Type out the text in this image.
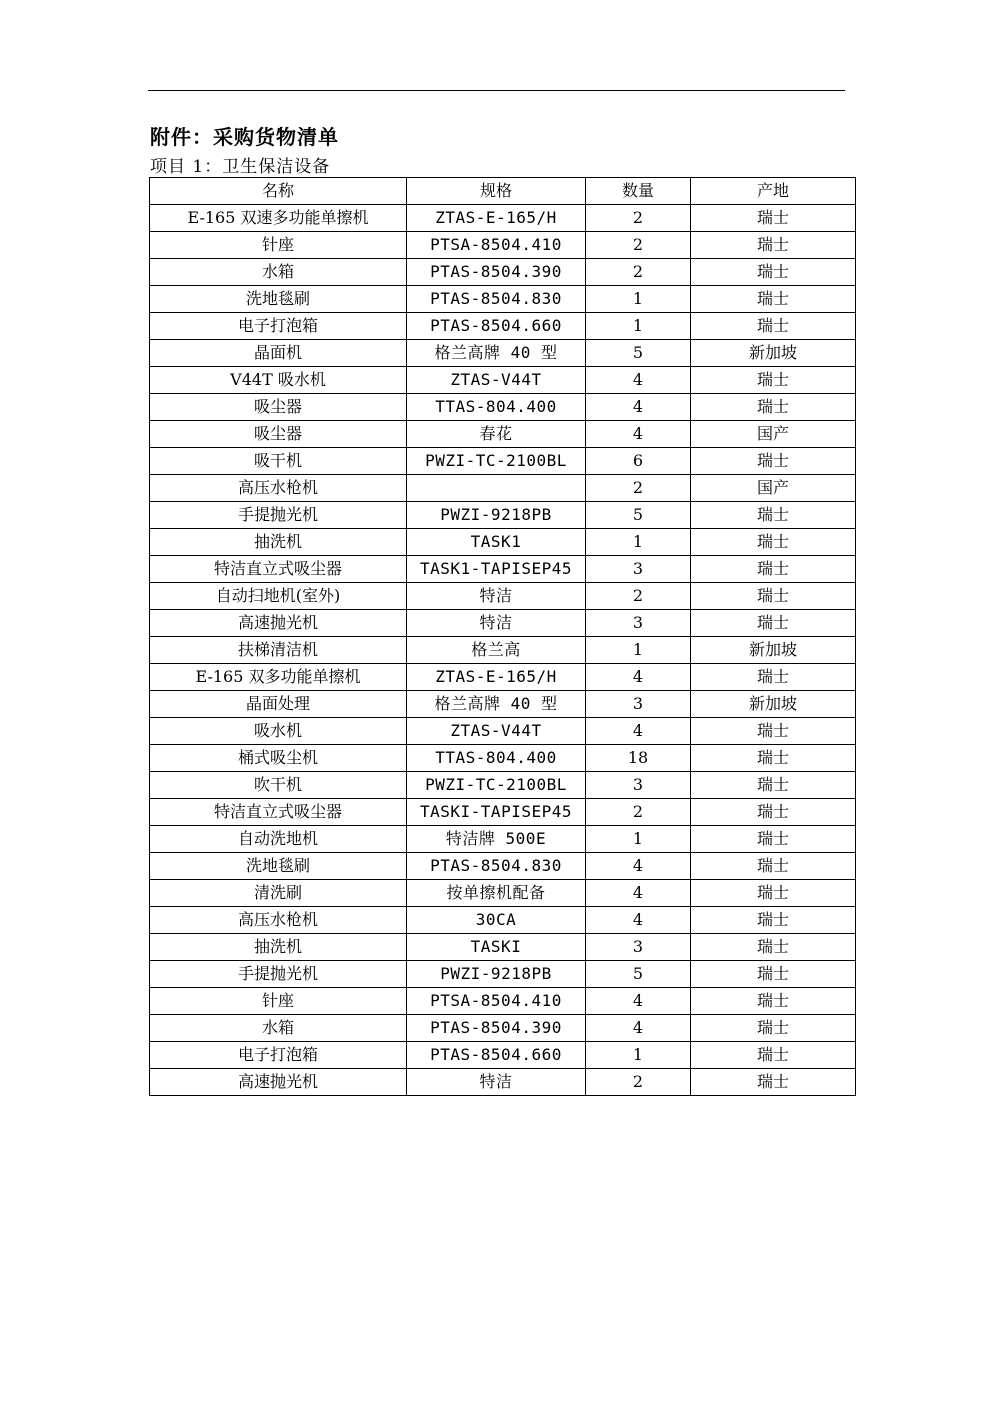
附件：采购货物清单
项目 1：卫生保洁设备
名称	规格	数量	产地
E-165 双速多功能单擦机	ZTAS-E-165/H	2	瑞士
针座	PTSA-8504.410	2	瑞士
水箱	PTAS-8504.390	2	瑞士
洗地毯刷	PTAS-8504.830	1	瑞士
电子打泡箱	PTAS-8504.660	1	瑞士
晶面机	格兰高牌 40 型	5	新加坡
V44T 吸水机	ZTAS-V44T	4	瑞士
吸尘器	TTAS-804.400	4	瑞士
吸尘器	春花	4	国产
吸干机	PWZI-TC-2100BL	6	瑞士
高压水枪机		2	国产
手提抛光机	PWZI-9218PB	5	瑞士
抽洗机	TASK1	1	瑞士
特洁直立式吸尘器	TASK1-TAPISEP45	3	瑞士
自动扫地机(室外)	特洁	2	瑞士
高速抛光机	特洁	3	瑞士
扶梯清洁机	格兰高	1	新加坡
E-165 双多功能单擦机	ZTAS-E-165/H	4	瑞士
晶面处理	格兰高牌 40 型	3	新加坡
吸水机	ZTAS-V44T	4	瑞士
桶式吸尘机	TTAS-804.400	18	瑞士
吹干机	PWZI-TC-2100BL	3	瑞士
特洁直立式吸尘器	TASKI-TAPISEP45	2	瑞士
自动洗地机	特洁牌 500E	1	瑞士
洗地毯刷	PTAS-8504.830	4	瑞士
清洗刷	按单擦机配备	4	瑞士
高压水枪机	30CA	4	瑞士
抽洗机	TASKI	3	瑞士
手提抛光机	PWZI-9218PB	5	瑞士
针座	PTSA-8504.410	4	瑞士
水箱	PTAS-8504.390	4	瑞士
电子打泡箱	PTAS-8504.660	1	瑞士
高速抛光机	特洁	2	瑞士
